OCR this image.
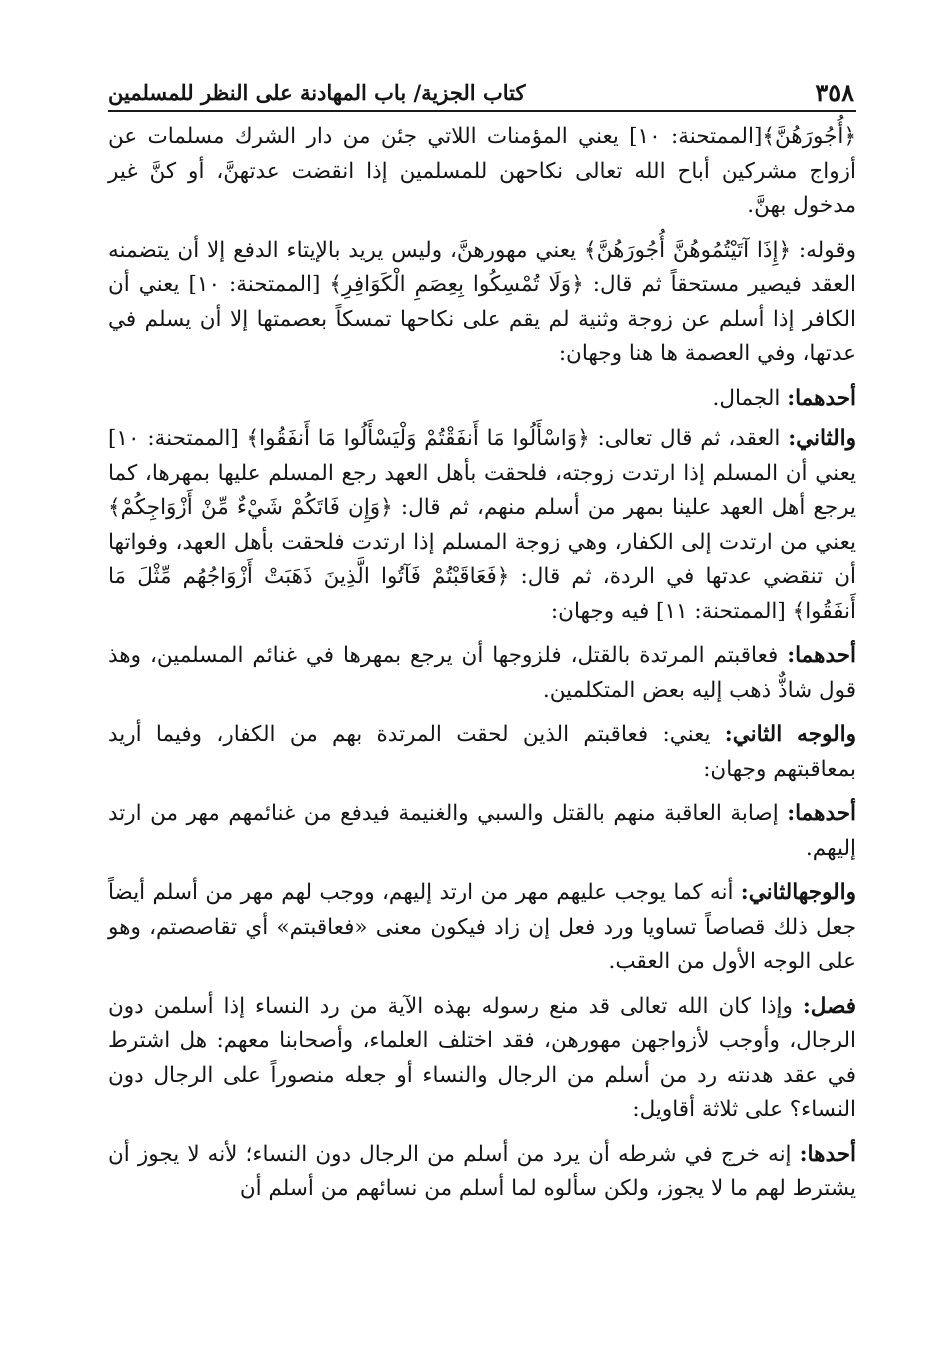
٣٥٨
كتاب الجزية/ باب المهادنة على النظر للمسلمين

﴿أُجُورَهُنَّ﴾[الممتحنة: ١٠] يعني المؤمنات اللاتي جئن من دار الشرك مسلمات عن أزواج مشركين أباح الله تعالى نكاحهن للمسلمين إذا انقضت عدتهنَّ، أو كنَّ غير مدخول بهنَّ.

وقوله: ﴿إِذَا آتَيْتُمُوهُنَّ أُجُورَهُنَّ﴾ يعني مهورهنَّ، وليس يريد بالإيتاء الدفع إلا أن يتضمنه العقد فيصير مستحقاً ثم قال: ﴿وَلَا تُمْسِكُوا بِعِصَمِ الْكَوَافِرِ﴾ [الممتحنة: ١٠] يعني أن الكافر إذا أسلم عن زوجة وثنية لم يقم على نكاحها تمسكاً بعصمتها إلا أن يسلم في عدتها، وفي العصمة ها هنا وجهان:

أحدهما: الجمال.

والثاني: العقد، ثم قال تعالى: ﴿وَاسْأَلُوا مَا أَنفَقْتُمْ وَلْيَسْأَلُوا مَا أَنفَقُوا﴾ [الممتحنة: ١٠] يعني أن المسلم إذا ارتدت زوجته، فلحقت بأهل العهد رجع المسلم عليها بمهرها، كما يرجع أهل العهد علينا بمهر من أسلم منهم، ثم قال: ﴿وَإِن فَاتَكُمْ شَيْءٌ مِّنْ أَزْوَاجِكُمْ﴾ يعني من ارتدت إلى الكفار، وهي زوجة المسلم إذا ارتدت فلحقت بأهل العهد، وفواتها أن تنقضي عدتها في الردة، ثم قال: ﴿فَعَاقَبْتُمْ فَآتُوا الَّذِينَ ذَهَبَتْ أَزْوَاجُهُم مِّثْلَ مَا أَنفَقُوا﴾ [الممتحنة: ١١] فيه وجهان:

أحدهما: فعاقبتم المرتدة بالقتل، فلزوجها أن يرجع بمهرها في غنائم المسلمين، وهذ قول شاذٌّ ذهب إليه بعض المتكلمين.

والوجه الثاني: يعني: فعاقبتم الذين لحقت المرتدة بهم من الكفار، وفيما أريد بمعاقبتهم وجهان:

أحدهما: إصابة العاقبة منهم بالقتل والسبي والغنيمة فيدفع من غنائمهم مهر من ارتد إليهم.

والوجهالثاني: أنه كما يوجب عليهم مهر من ارتد إليهم، ووجب لهم مهر من أسلم أيضاً جعل ذلك قصاصاً تساويا ورد فعل إن زاد فيكون معنى «فعاقبتم» أي تقاصصتم، وهو على الوجه الأول من العقب.

فصل: وإذا كان الله تعالى قد منع رسوله بهذه الآية من رد النساء إذا أسلمن دون الرجال، وأوجب لأزواجهن مهورهن، فقد اختلف العلماء، وأصحابنا معهم: هل اشترط في عقد هدنته رد من أسلم من الرجال والنساء أو جعله منصوراً على الرجال دون النساء؟ على ثلاثة أقاويل:

أحدها: إنه خرج في شرطه أن يرد من أسلم من الرجال دون النساء؛ لأنه لا يجوز أن يشترط لهم ما لا يجوز، ولكن سألوه لما أسلم من نسائهم من أسلم أن
